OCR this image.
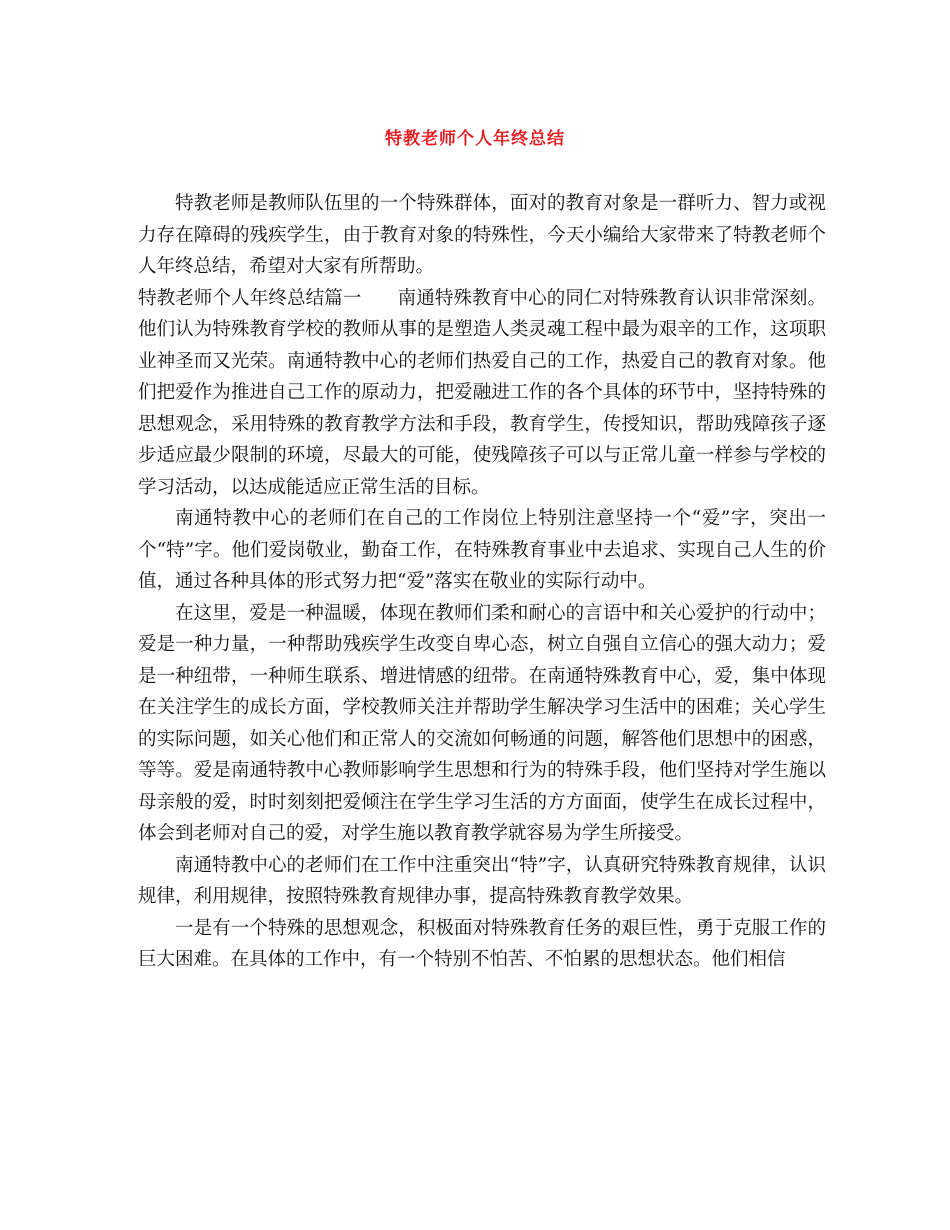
特教老师个人年终总结

特教老师是教师队伍里的一个特殊群体，面对的教育对象是一群听力、智力或视力存在障碍的残疾学生，由于教育对象的特殊性，今天小编给大家带来了特教老师个人年终总结，希望对大家有所帮助。

特教老师个人年终总结篇一 南通特殊教育中心的同仁对特殊教育认识非常深刻。他们认为特殊教育学校的教师从事的是塑造人类灵魂工程中最为艰辛的工作，这项职业神圣而又光荣。南通特教中心的老师们热爱自己的工作，热爱自己的教育对象。他们把爱作为推进自己工作的原动力，把爱融进工作的各个具体的环节中，坚持特殊的思想观念，采用特殊的教育教学方法和手段，教育学生，传授知识，帮助残障孩子逐步适应最少限制的环境，尽最大的可能，使残障孩子可以与正常儿童一样参与学校的学习活动，以达成能适应正常生活的目标。

南通特教中心的老师们在自己的工作岗位上特别注意坚持一个“爱”字，突出一个“特”字。他们爱岗敬业，勤奋工作，在特殊教育事业中去追求、实现自己人生的价值，通过各种具体的形式努力把“爱”落实在敬业的实际行动中。

在这里，爱是一种温暖，体现在教师们柔和耐心的言语中和关心爱护的行动中；爱是一种力量，一种帮助残疾学生改变自卑心态，树立自强自立信心的强大动力；爱是一种纽带，一种师生联系、增进情感的纽带。在南通特殊教育中心，爱，集中体现在关注学生的成长方面，学校教师关注并帮助学生解决学习生活中的困难；关心学生的实际问题，如关心他们和正常人的交流如何畅通的问题，解答他们思想中的困惑，等等。爱是南通特教中心教师影响学生思想和行为的特殊手段，他们坚持对学生施以母亲般的爱，时时刻刻把爱倾注在学生学习生活的方方面面，使学生在成长过程中，体会到老师对自己的爱，对学生施以教育教学就容易为学生所接受。

南通特教中心的老师们在工作中注重突出“特”字，认真研究特殊教育规律，认识规律，利用规律，按照特殊教育规律办事，提高特殊教育教学效果。

一是有一个特殊的思想观念，积极面对特殊教育任务的艰巨性，勇于克服工作的巨大困难。在具体的工作中，有一个特别不怕苦、不怕累的思想状态。他们相信
